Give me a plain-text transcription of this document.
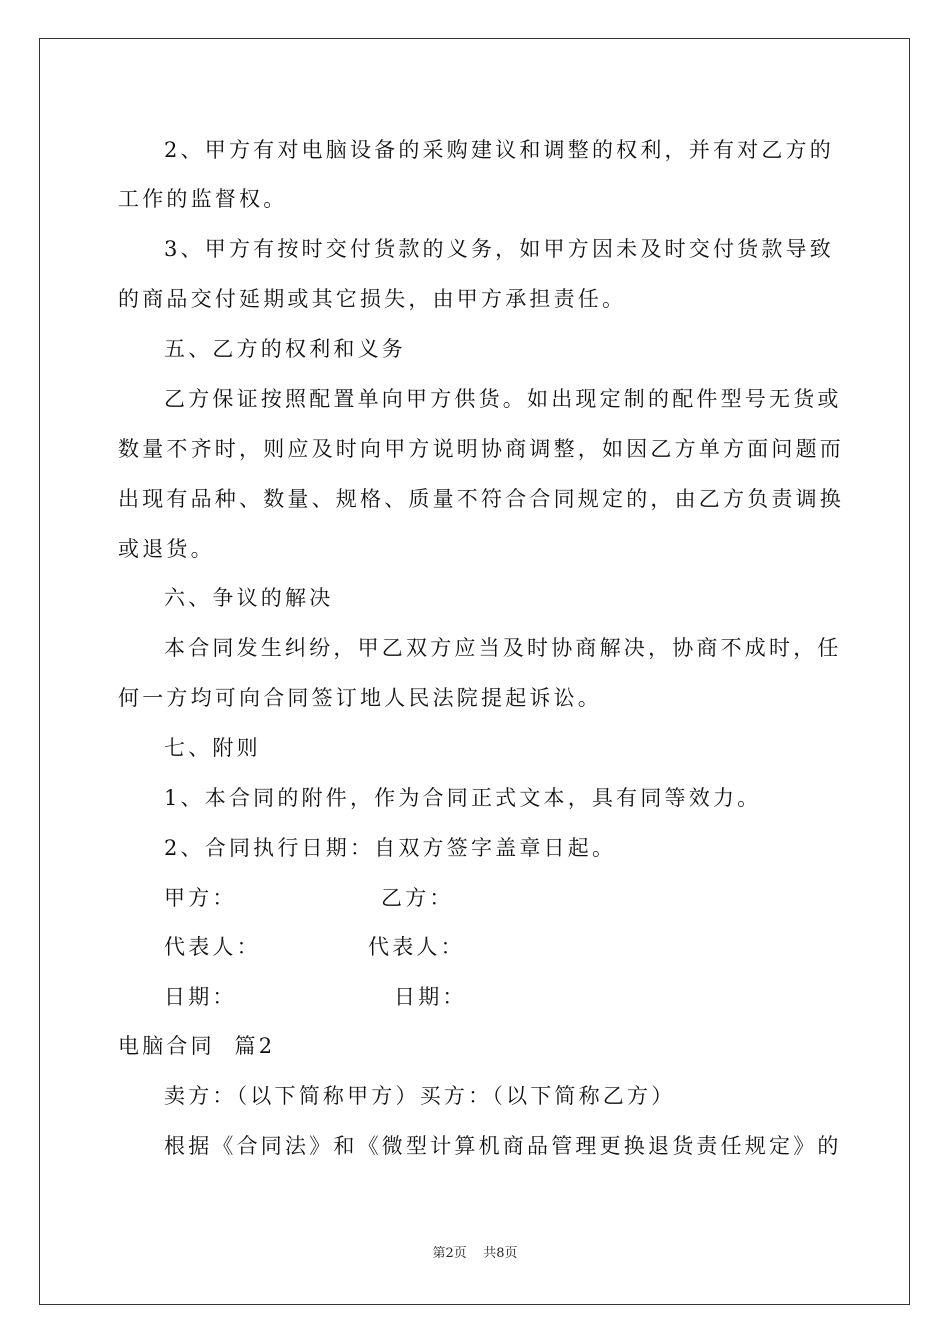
2、甲方有对电脑设备的采购建议和调整的权利，并有对乙方的
工作的监督权。
3、甲方有按时交付货款的义务，如甲方因未及时交付货款导致
的商品交付延期或其它损失，由甲方承担责任。
五、乙方的权利和义务
乙方保证按照配置单向甲方供货。如出现定制的配件型号无货或
数量不齐时，则应及时向甲方说明协商调整，如因乙方单方面问题而
出现有品种、数量、规格、质量不符合合同规定的，由乙方负责调换
或退货。
六、争议的解决
本合同发生纠纷，甲乙双方应当及时协商解决，协商不成时，任
何一方均可向合同签订地人民法院提起诉讼。
七、附则
1、本合同的附件，作为合同正式文本，具有同等效力。
2、合同执行日期：自双方签字盖章日起。
甲方：	乙方：
代表人：	代表人：
日期：	日期：
电脑合同  篇2
卖方：（以下简称甲方）买方：（以下简称乙方）
根据《合同法》和《微型计算机商品管理更换退货责任规定》的
第2页    共8页
